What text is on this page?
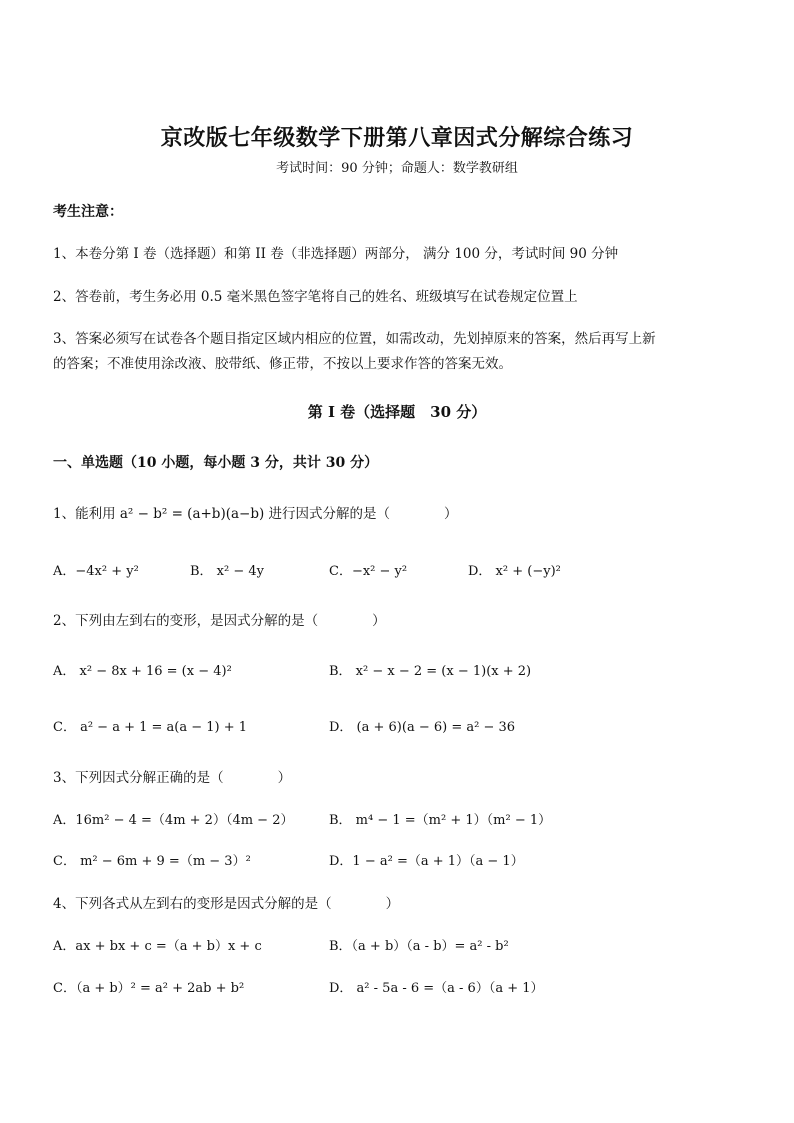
京改版七年级数学下册第八章因式分解综合练习
考试时间：90 分钟；命题人：数学教研组
考生注意：
1、本卷分第 I 卷（选择题）和第 II 卷（非选择题）两部分， 满分 100 分，考试时间 90 分钟
2、答卷前，考生务必用 0.5 毫米黑色签字笔将自己的姓名、班级填写在试卷规定位置上
3、答案必须写在试卷各个题目指定区域内相应的位置，如需改动，先划掉原来的答案，然后再写上新
的答案；不准使用涂改液、胶带纸、修正带，不按以上要求作答的答案无效。
第 I 卷（选择题　30 分）
一、单选题（10 小题，每小题 3 分，共计 30 分）
1、能利用 a² − b² = (a+b)(a−b) 进行因式分解的是（　　　　）
A．−4x² + y²	B． x² − 4y	C．−x² − y²	D． x² + (−y)²
2、下列由左到右的变形，是因式分解的是（　　　　）
A． x² − 8x + 16 = (x − 4)²	B． x² − x − 2 = (x − 1)(x + 2)
C． a² − a + 1 = a(a − 1) + 1	D． (a + 6)(a − 6) = a² − 36
3、下列因式分解正确的是（　　　　）
A．16m² − 4 =（4m + 2）（4m − 2）	B． m⁴ − 1 =（m² + 1）（m² − 1）
C． m² − 6m + 9 =（m − 3）²	D．1 − a² =（a + 1）（a − 1）
4、下列各式从左到右的变形是因式分解的是（　　　　）
A．ax + bx + c =（a + b）x + c	B．（a + b）（a - b）= a² - b²
C．（a + b）² = a² + 2ab + b²	D． a² - 5a - 6 =（a - 6）（a + 1）
